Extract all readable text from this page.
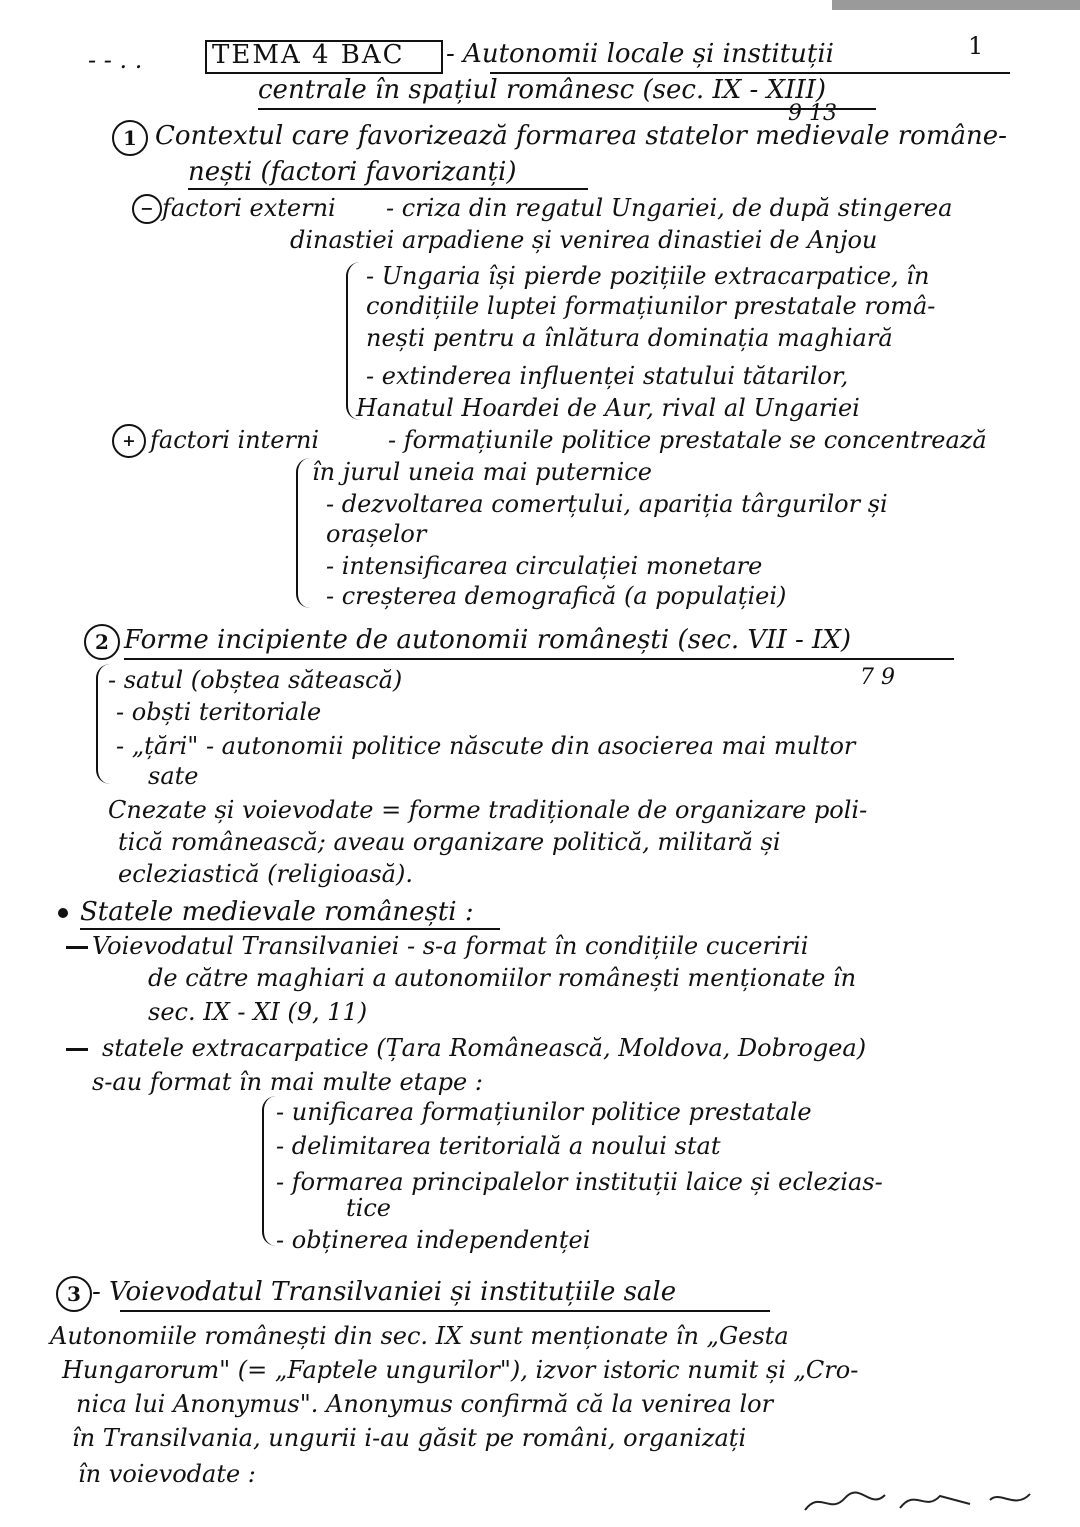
- - . .	TEMA 4 BAC - Autonomii locale și instituții	1
centrale în spațiul românesc (sec. IX - XIII)
9 13
1 Contextul care favorizează formarea statelor medievale române-
nești (factori favorizanți)
− factori externi - criza din regatul Ungariei, de după stingerea
dinastiei arpadiene și venirea dinastiei de Anjou
- Ungaria își pierde pozițiile extracarpatice, în
condițiile luptei formațiunilor prestatale româ-
nești pentru a înlătura dominația maghiară
- extinderea influenței statului tătarilor,
Hanatul Hoardei de Aur, rival al Ungariei
+ factori interni	- formațiunile politice prestatale se concentrează
în jurul uneia mai puternice
- dezvoltarea comerțului, apariția târgurilor și
orașelor
- intensificarea circulației monetare
- creșterea demografică (a populației)
2 Forme incipiente de autonomii românești (sec. VII - IX)
7 9
- satul (obștea sătească)
- obști teritoriale
- „țări" - autonomii politice născute din asocierea mai multor
sate
Cnezate și voievodate = forme tradiționale de organizare poli-
tică românească; aveau organizare politică, militară și
ecleziastică (religioasă).
Statele medievale românești :
Voievodatul Transilvaniei - s-a format în condițiile cuceririi
de către maghiari a autonomiilor românești menționate în
sec. IX - XI (9, 11)
statele extracarpatice (Țara Românească, Moldova, Dobrogea)
s-au format în mai multe etape :
- unificarea formațiunilor politice prestatale
- delimitarea teritorială a noului stat
- formarea principalelor instituții laice și eclezias-
tice
- obținerea independenței
3 - Voievodatul Transilvaniei și instituțiile sale
Autonomiile românești din sec. IX sunt menționate în „Gesta
Hungarorum" (= „Faptele ungurilor"), izvor istoric numit și „Cro-
nica lui Anonymus". Anonymus confirmă că la venirea lor
în Transilvania, ungurii i-au găsit pe români, organizați
în voievodate :
